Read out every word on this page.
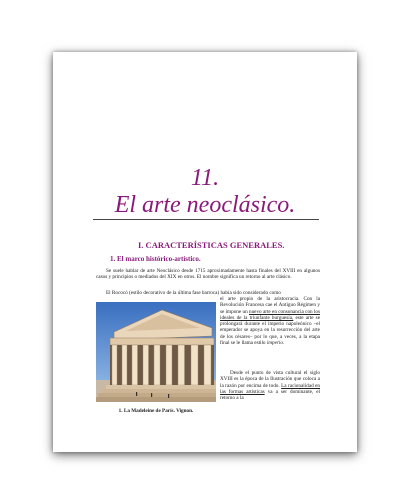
11.
El arte neoclásico.
I. CARACTERÍSTICAS GENERALES.
1. El marco histórico-artístico.
Se suele hablar de arte Neoclásico desde 1715 aproximadamente hasta finales del XVIII en algunos casos y principios o mediados del XIX en otros. El nombre significa un retorno al arte clásico.
El Rococó (estilo decorativo de la última fase barroca) había sido considerado como
1. La Madeleine de París. Vignon.
el arte propio de la aristocracia. Con la Revolución Francesa cae el Antiguo Régimen y se impone un nuevo arte en consonancia con los ideales de la triunfante burguesía, este arte se prolongará durante el imperio napoleónico –el emperador se apoya en la resurrección del arte de los césares– por lo que, a veces, a la etapa final se le llama estilo imperio.
Desde el punto de vista cultural el siglo XVIII es la época de la Ilustración que coloca a la razón por encima de todo. La racionalidad en las formas artísticas va a ser dominante, el retorno a la
